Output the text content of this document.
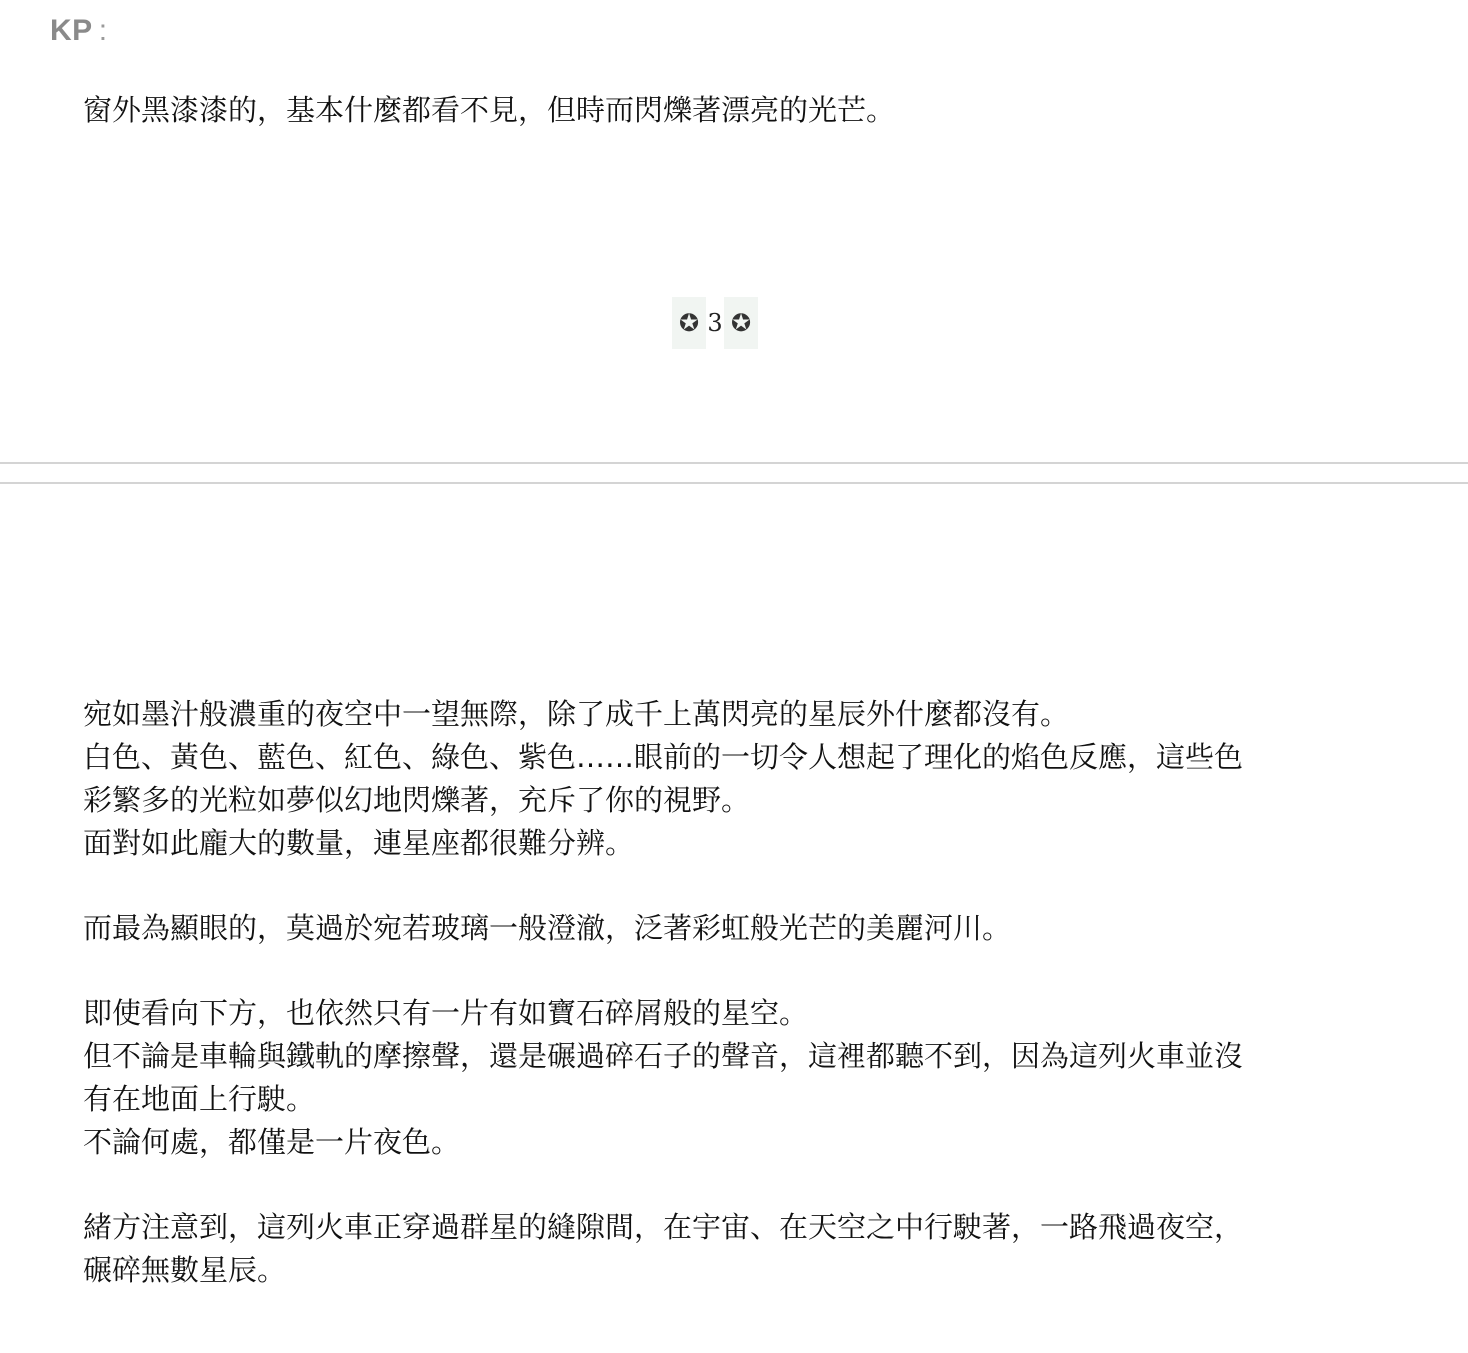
KP :

窗外黑漆漆的，基本什麼都看不見，但時而閃爍著漂亮的光芒。

✪ 3 ✪

宛如墨汁般濃重的夜空中一望無際，除了成千上萬閃亮的星辰外什麼都沒有。
白色、黃色、藍色、紅色、綠色、紫色……眼前的一切令人想起了理化的焰色反應，這些色
彩繁多的光粒如夢似幻地閃爍著，充斥了你的視野。
面對如此龐大的數量，連星座都很難分辨。

而最為顯眼的，莫過於宛若玻璃一般澄澈，泛著彩虹般光芒的美麗河川。

即使看向下方，也依然只有一片有如寶石碎屑般的星空。
但不論是車輪與鐵軌的摩擦聲，還是碾過碎石子的聲音，這裡都聽不到，因為這列火車並沒
有在地面上行駛。
不論何處，都僅是一片夜色。

緒方注意到，這列火車正穿過群星的縫隙間，在宇宙、在天空之中行駛著，一路飛過夜空，
碾碎無數星辰。
